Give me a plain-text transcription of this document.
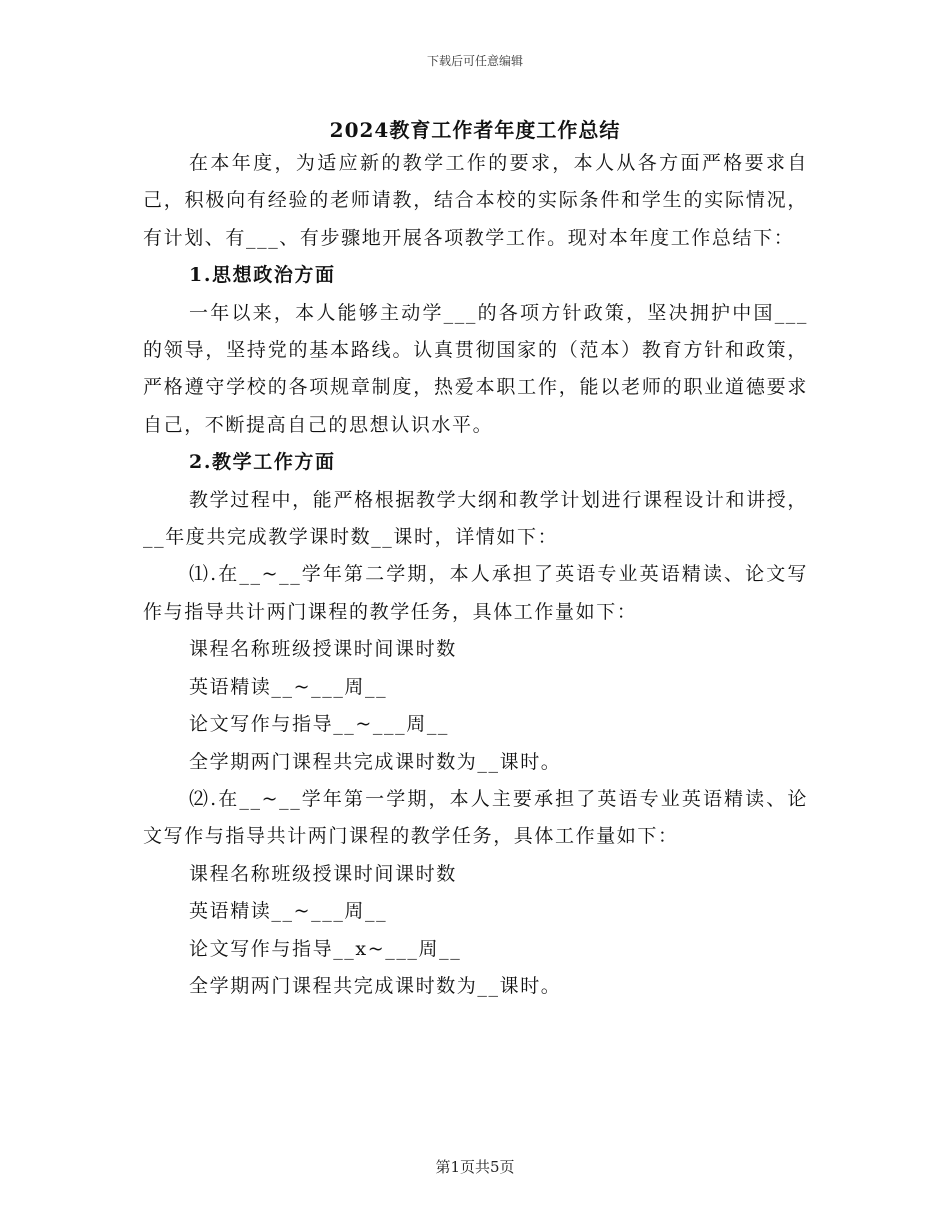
下载后可任意编辑
2024教育工作者年度工作总结

在本年度，为适应新的教学工作的要求，本人从各方面严格要求自己，积极向有经验的老师请教，结合本校的实际条件和学生的实际情况，有计划、有___、有步骤地开展各项教学工作。现对本年度工作总结下：

1.思想政治方面

一年以来，本人能够主动学___的各项方针政策，坚决拥护中国___的领导，坚持党的基本路线。认真贯彻国家的（范本）教育方针和政策，严格遵守学校的各项规章制度，热爱本职工作，能以老师的职业道德要求自己，不断提高自己的思想认识水平。

2.教学工作方面

教学过程中，能严格根据教学大纲和教学计划进行课程设计和讲授，__年度共完成教学课时数__课时，详情如下：

⑴.在__~__学年第二学期，本人承担了英语专业英语精读、论文写作与指导共计两门课程的教学任务，具体工作量如下：

课程名称班级授课时间课时数

英语精读__~___周__

论文写作与指导__~___周__

全学期两门课程共完成课时数为__课时。

⑵.在__~__学年第一学期，本人主要承担了英语专业英语精读、论文写作与指导共计两门课程的教学任务，具体工作量如下：

课程名称班级授课时间课时数

英语精读__~___周__

论文写作与指导__x~___周__

全学期两门课程共完成课时数为__课时。

第1页共5页
